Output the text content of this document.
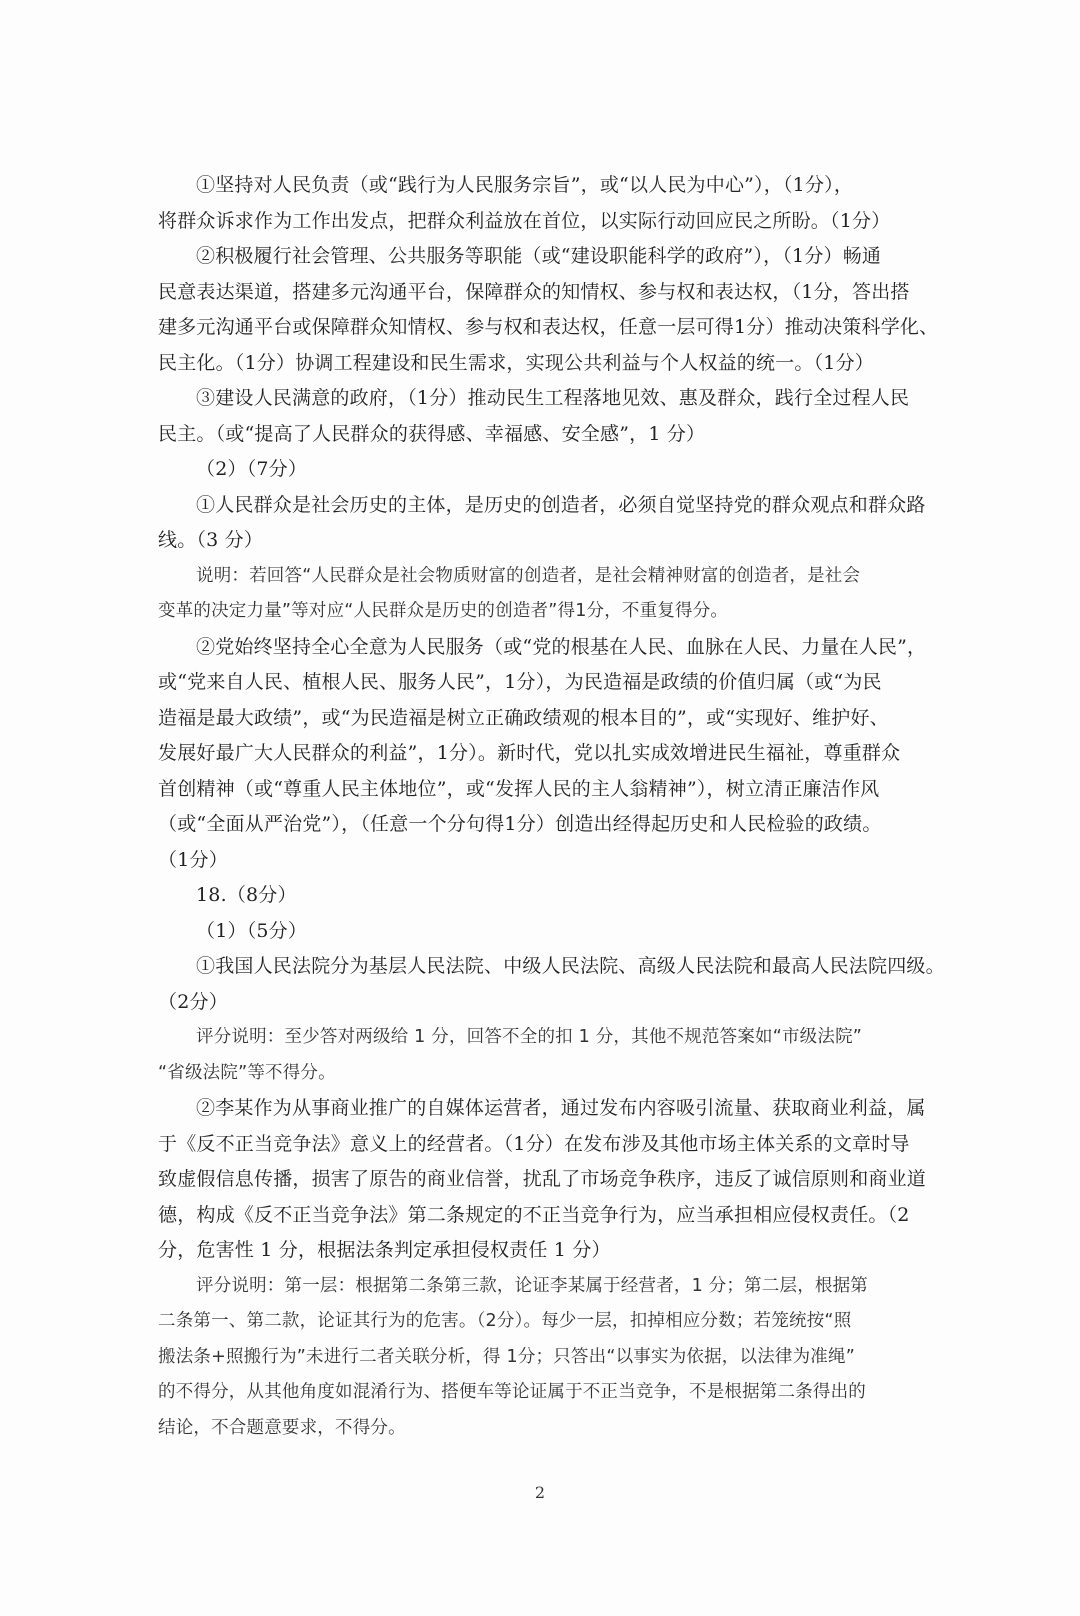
①坚持对人民负责（或“践行为人民服务宗旨”，或“以人民为中心”），（1分），
将群众诉求作为工作出发点，把群众利益放在首位，以实际行动回应民之所盼。（1分）
②积极履行社会管理、公共服务等职能（或“建设职能科学的政府”），（1分）畅通
民意表达渠道，搭建多元沟通平台，保障群众的知情权、参与权和表达权，（1分，答出搭
建多元沟通平台或保障群众知情权、参与权和表达权，任意一层可得1分）推动决策科学化、
民主化。（1分）协调工程建设和民生需求，实现公共利益与个人权益的统一。（1分）
③建设人民满意的政府，（1分）推动民生工程落地见效、惠及群众，践行全过程人民
民主。（或“提高了人民群众的获得感、幸福感、安全感”，1 分）
（2）（7分）
①人民群众是社会历史的主体，是历史的创造者，必须自觉坚持党的群众观点和群众路
线。（3 分）
说明：若回答“人民群众是社会物质财富的创造者，是社会精神财富的创造者，是社会
变革的决定力量”等对应“人民群众是历史的创造者”得1分，不重复得分。
②党始终坚持全心全意为人民服务（或“党的根基在人民、血脉在人民、力量在人民”，
或“党来自人民、植根人民、服务人民”，1分），为民造福是政绩的价值归属（或“为民
造福是最大政绩”，或“为民造福是树立正确政绩观的根本目的”，或“实现好、维护好、
发展好最广大人民群众的利益”，1分）。新时代，党以扎实成效增进民生福祉，尊重群众
首创精神（或“尊重人民主体地位”，或“发挥人民的主人翁精神”），树立清正廉洁作风
（或“全面从严治党”），（任意一个分句得1分）创造出经得起历史和人民检验的政绩。
（1分）
18.（8分）
（1）（5分）
①我国人民法院分为基层人民法院、中级人民法院、高级人民法院和最高人民法院四级。
（2分）
评分说明：至少答对两级给 1 分，回答不全的扣 1 分，其他不规范答案如“市级法院”
“省级法院”等不得分。
②李某作为从事商业推广的自媒体运营者，通过发布内容吸引流量、获取商业利益，属
于《反不正当竞争法》意义上的经营者。（1分）在发布涉及其他市场主体关系的文章时导
致虚假信息传播，损害了原告的商业信誉，扰乱了市场竞争秩序，违反了诚信原则和商业道
德，构成《反不正当竞争法》第二条规定的不正当竞争行为，应当承担相应侵权责任。（2
分，危害性 1 分，根据法条判定承担侵权责任 1 分）
评分说明：第一层：根据第二条第三款，论证李某属于经营者，1 分；第二层，根据第
二条第一、第二款，论证其行为的危害。（2分）。每少一层，扣掉相应分数；若笼统按“照
搬法条+照搬行为”未进行二者关联分析，得 1分；只答出“以事实为依据，以法律为准绳”
的不得分，从其他角度如混淆行为、搭便车等论证属于不正当竞争，不是根据第二条得出的
结论，不合题意要求，不得分。
2
